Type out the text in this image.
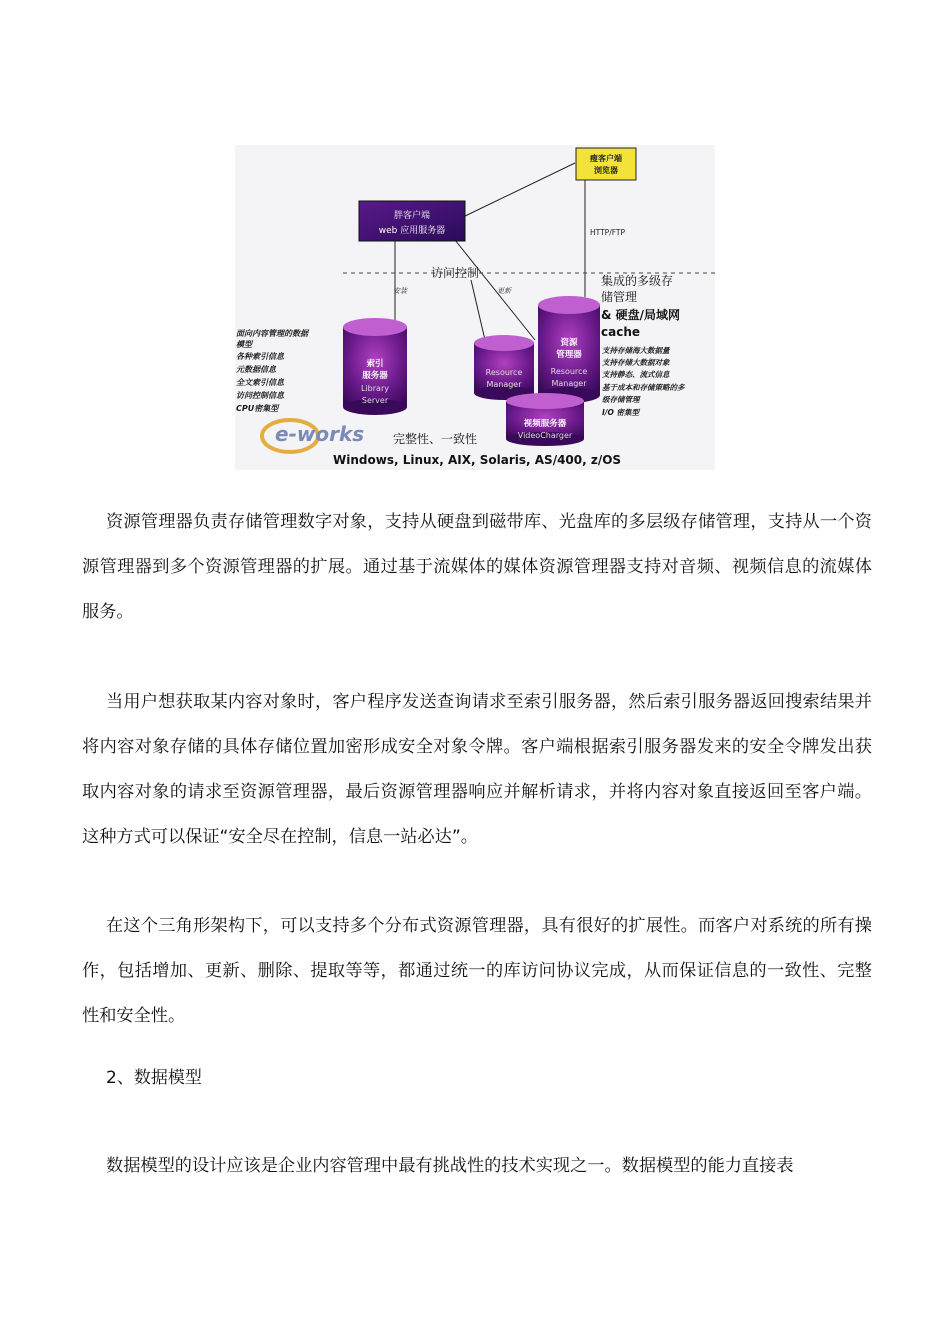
瘦客户端
浏览器
胖客户端
web 应用服务器	HTTP/FTP
访问控制
安装	更新
集成的多级存
储管理
& 硬盘/局域网
cache
索引
服务器
Library
Server
Resource
Manager
资源
管理器
Resource
Manager
视频服务器
VideoCharger
面向内容管理的数据
模型
各种索引信息
元数据信息
全文索引信息
访问控制信息
CPU密集型
支持存储海大数据量
支持存储大数据对象
支持静态、流式信息
基于成本和存储策略的多
级存储管理
I/O 密集型
e-works 完整性、一致性
Windows, Linux, AIX, Solaris, AS/400, z/OS

资源管理器负责存储管理数字对象，支持从硬盘到磁带库、光盘库的多层级存储管理，支持从一个资源管理器到多个资源管理器的扩展。通过基于流媒体的媒体资源管理器支持对音频、视频信息的流媒体服务。

当用户想获取某内容对象时，客户程序发送查询请求至索引服务器，然后索引服务器返回搜索结果并将内容对象存储的具体存储位置加密形成安全对象令牌。客户端根据索引服务器发来的安全令牌发出获取内容对象的请求至资源管理器，最后资源管理器响应并解析请求，并将内容对象直接返回至客户端。这种方式可以保证“安全尽在控制，信息一站必达”。

在这个三角形架构下，可以支持多个分布式资源管理器，具有很好的扩展性。而客户对系统的所有操作，包括增加、更新、删除、提取等等，都通过统一的库访问协议完成，从而保证信息的一致性、完整性和安全性。

2、数据模型

数据模型的设计应该是企业内容管理中最有挑战性的技术实现之一。数据模型的能力直接表
